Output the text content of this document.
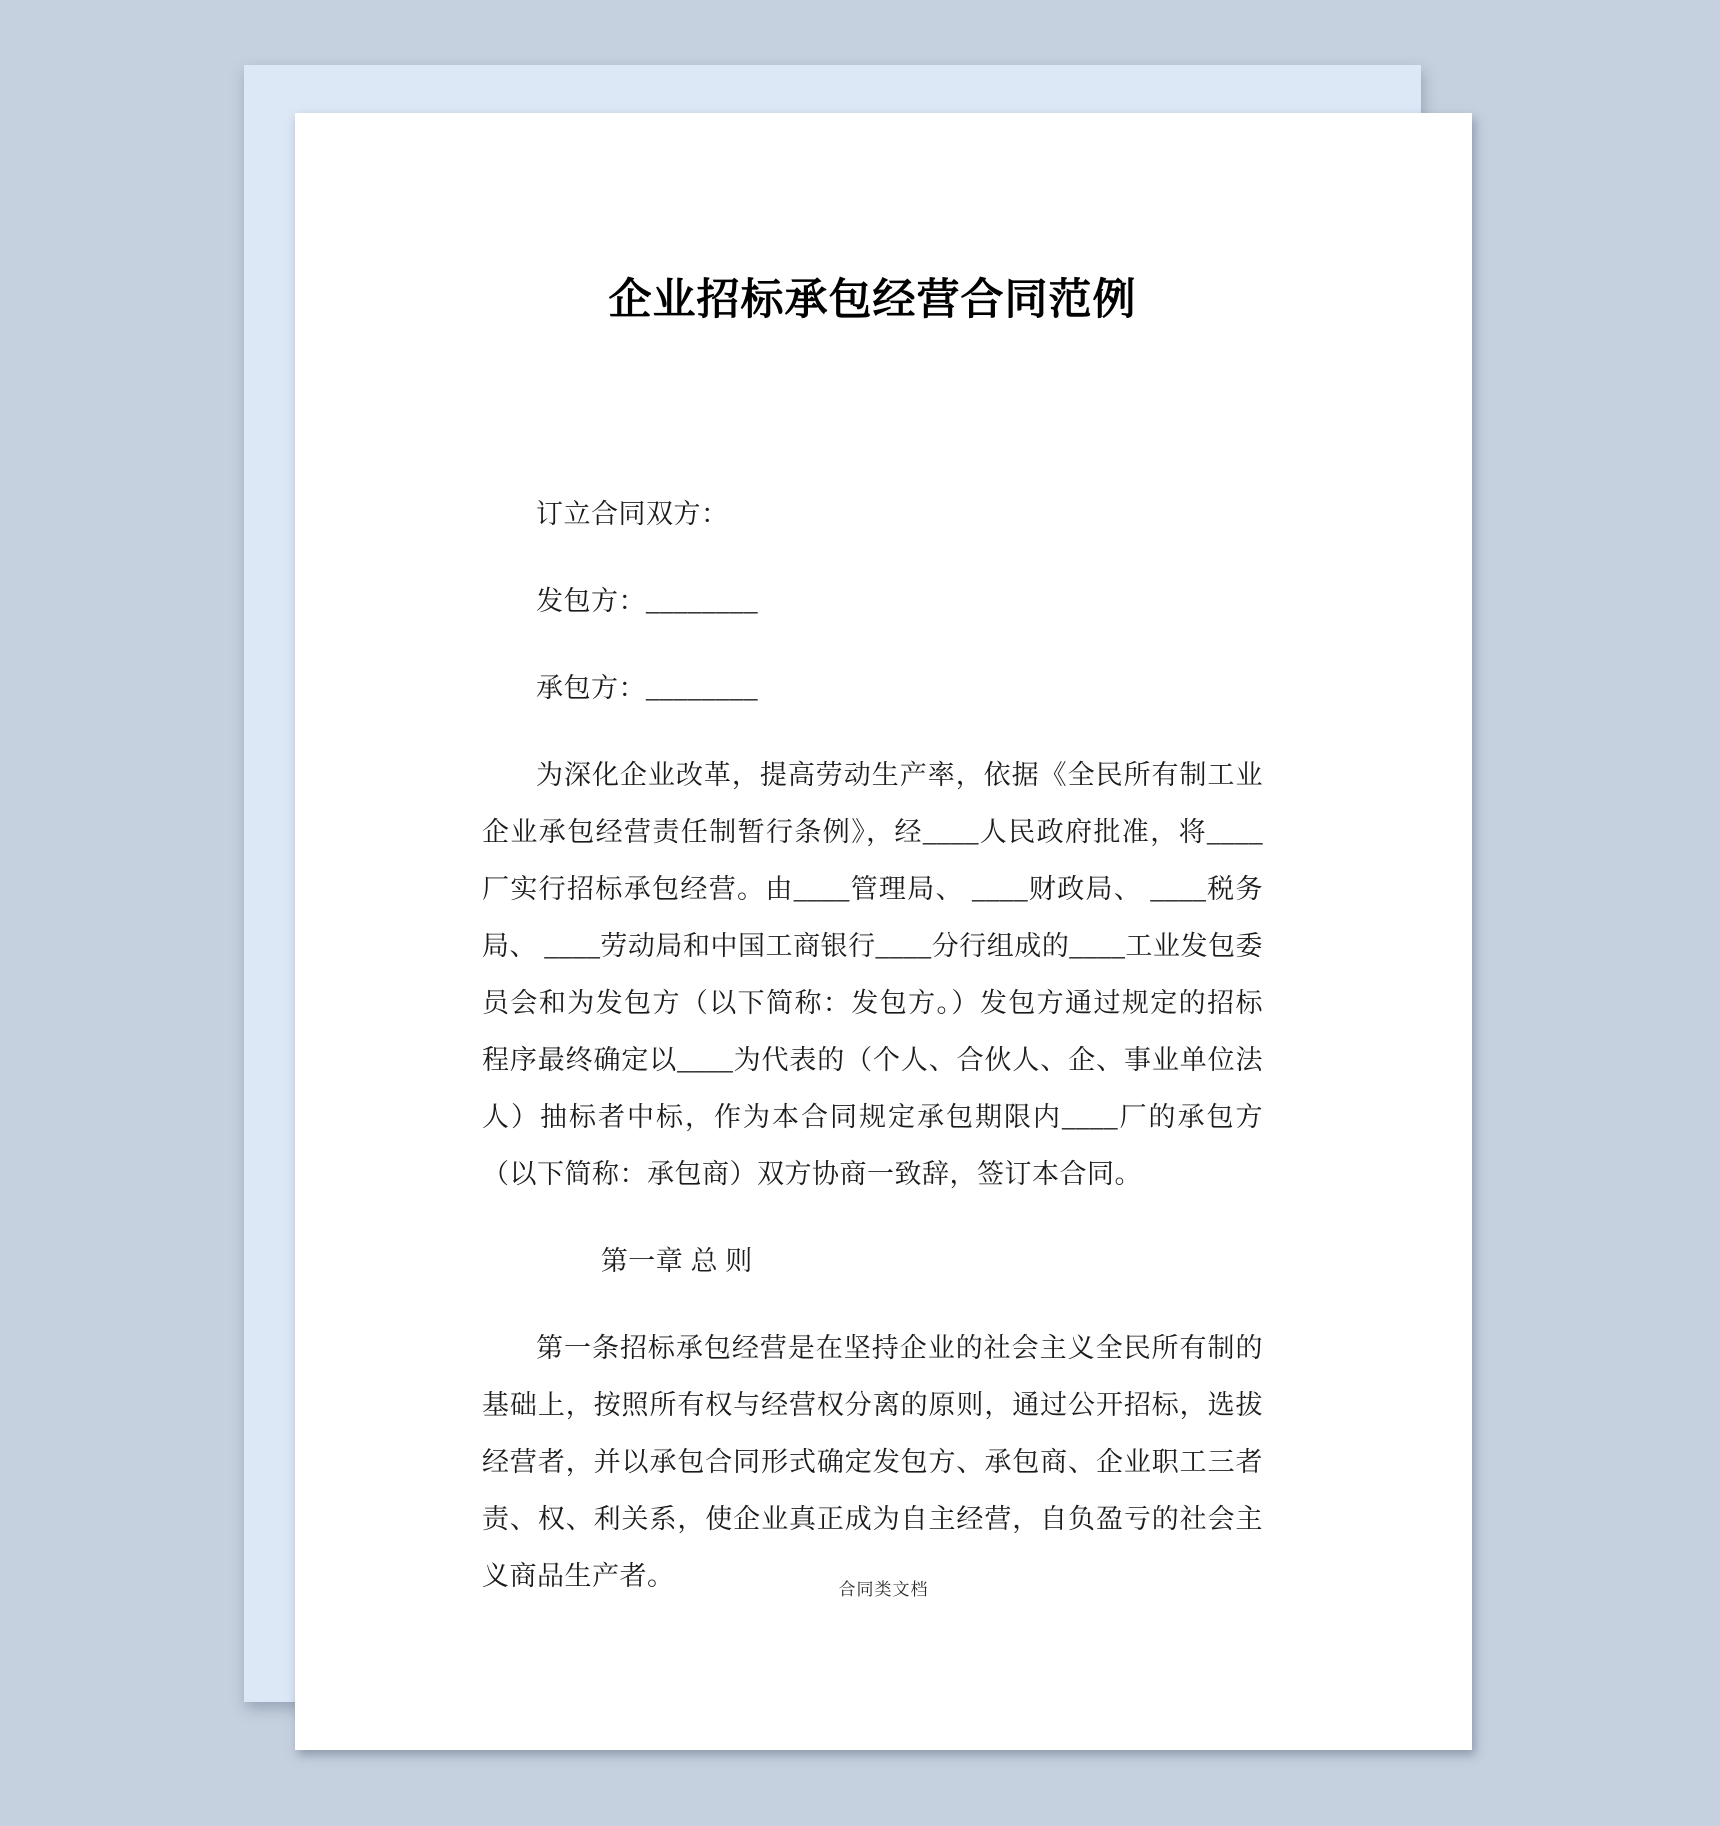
企业招标承包经营合同范例

订立合同双方：

发包方：________

承包方：________

为深化企业改革，提高劳动生产率，依据《全民所有制工业企业承包经营责任制暂行条例》，经____人民政府批准，将____厂实行招标承包经营。由____管理局、 ____财政局、 ____税务局、 ____劳动局和中国工商银行____分行组成的____工业发包委员会和为发包方（以下简称：发包方。）发包方通过规定的招标程序最终确定以____为代表的（个人、合伙人、企、事业单位法人）抽标者中标，作为本合同规定承包期限内____厂的承包方（以下简称：承包商）双方协商一致辞，签订本合同。

第一章 总 则

第一条招标承包经营是在坚持企业的社会主义全民所有制的基础上，按照所有权与经营权分离的原则，通过公开招标，选拔经营者，并以承包合同形式确定发包方、承包商、企业职工三者责、权、利关系，使企业真正成为自主经营，自负盈亏的社会主义商品生产者。	合同类文档
